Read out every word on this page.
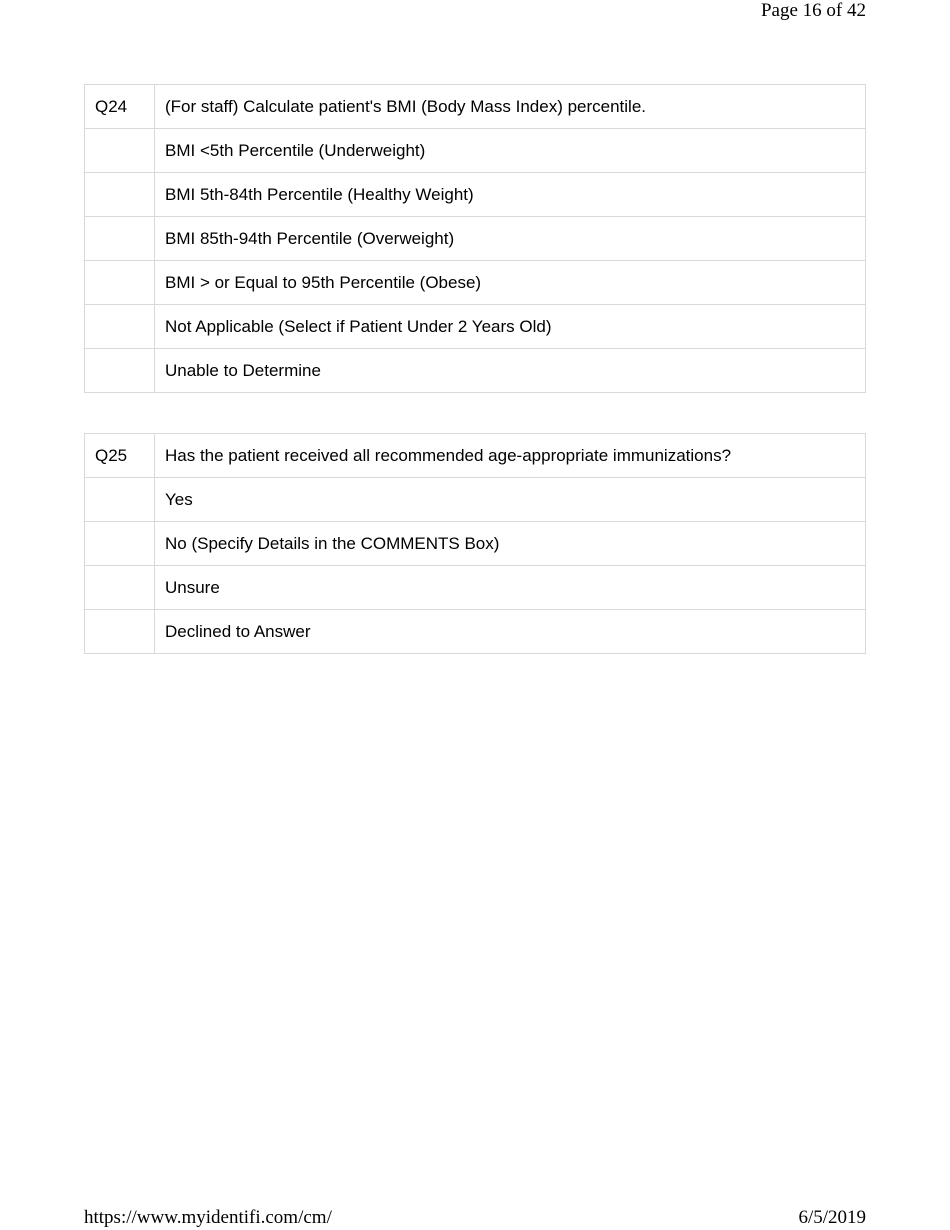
Page 16 of 42
Q24	(For staff) Calculate patient's BMI (Body Mass Index) percentile.
	BMI <5th Percentile (Underweight)
	BMI 5th-84th Percentile (Healthy Weight)
	BMI 85th-94th Percentile (Overweight)
	BMI > or Equal to 95th Percentile (Obese)
	Not Applicable (Select if Patient Under 2 Years Old)
	Unable to Determine
Q25	Has the patient received all recommended age-appropriate immunizations?
	Yes
	No (Specify Details in the COMMENTS Box)
	Unsure
	Declined to Answer
https://www.myidentifi.com/cm/	6/5/2019
